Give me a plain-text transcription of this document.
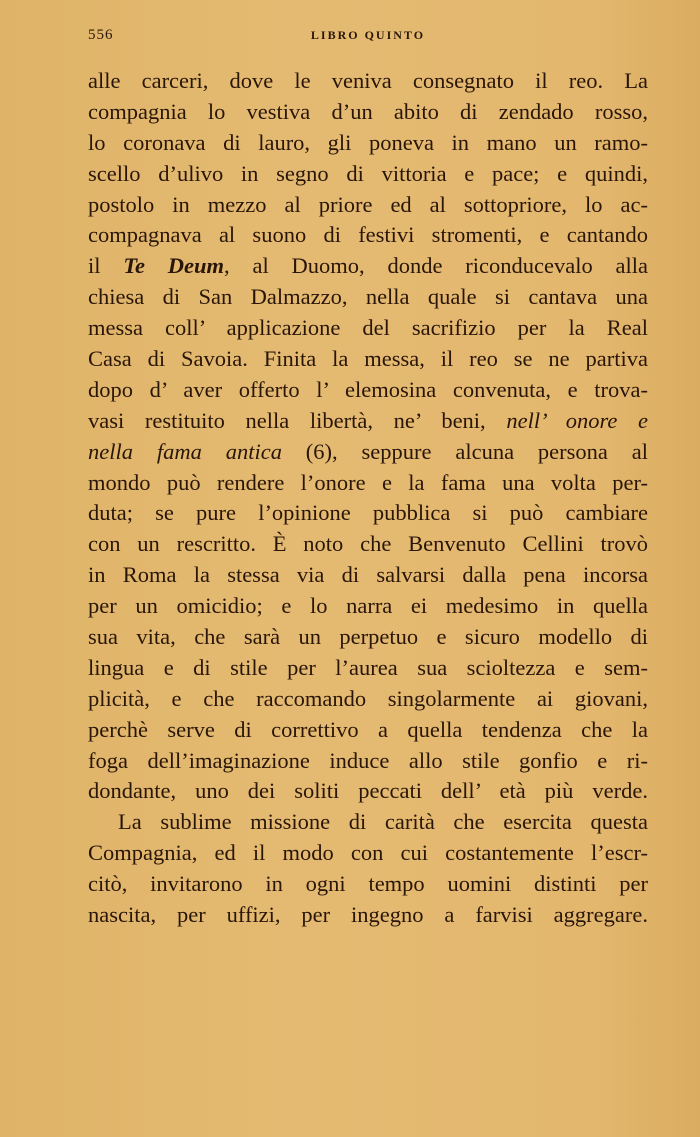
556	LIBRO QUINTO
alle carceri, dove le veniva consegnato il reo. La
compagnia lo vestiva d’un abito di zendado rosso,
lo coronava di lauro, gli poneva in mano un ramo-
scello d’ulivo in segno di vittoria e pace; e quindi,
postolo in mezzo al priore ed al sottopriore, lo ac-
compagnava al suono di festivi stromenti, e cantando
il Te Deum, al Duomo, donde riconducevalo alla
chiesa di San Dalmazzo, nella quale si cantava una
messa coll’ applicazione del sacrifizio per la Real
Casa di Savoia. Finita la messa, il reo se ne partiva
dopo d’ aver offerto l’ elemosina convenuta, e trova-
vasi restituito nella libertà, ne’ beni, nell’ onore e
nella fama antica (6), seppure alcuna persona al
mondo può rendere l’onore e la fama una volta per-
duta; se pure l’opinione pubblica si può cambiare
con un rescritto. È noto che Benvenuto Cellini trovò
in Roma la stessa via di salvarsi dalla pena incorsa
per un omicidio; e lo narra ei medesimo in quella
sua vita, che sarà un perpetuo e sicuro modello di
lingua e di stile per l’aurea sua scioltezza e sem-
plicità, e che raccomando singolarmente ai giovani,
perchè serve di correttivo a quella tendenza che la
foga dell’imaginazione induce allo stile gonfio e ri-
dondante, uno dei soliti peccati dell’ età più verde.
La sublime missione di carità che esercita questa
Compagnia, ed il modo con cui costantemente l’escr-
citò, invitarono in ogni tempo uomini distinti per
nascita, per uffizi, per ingegno a farvisi aggregare.
